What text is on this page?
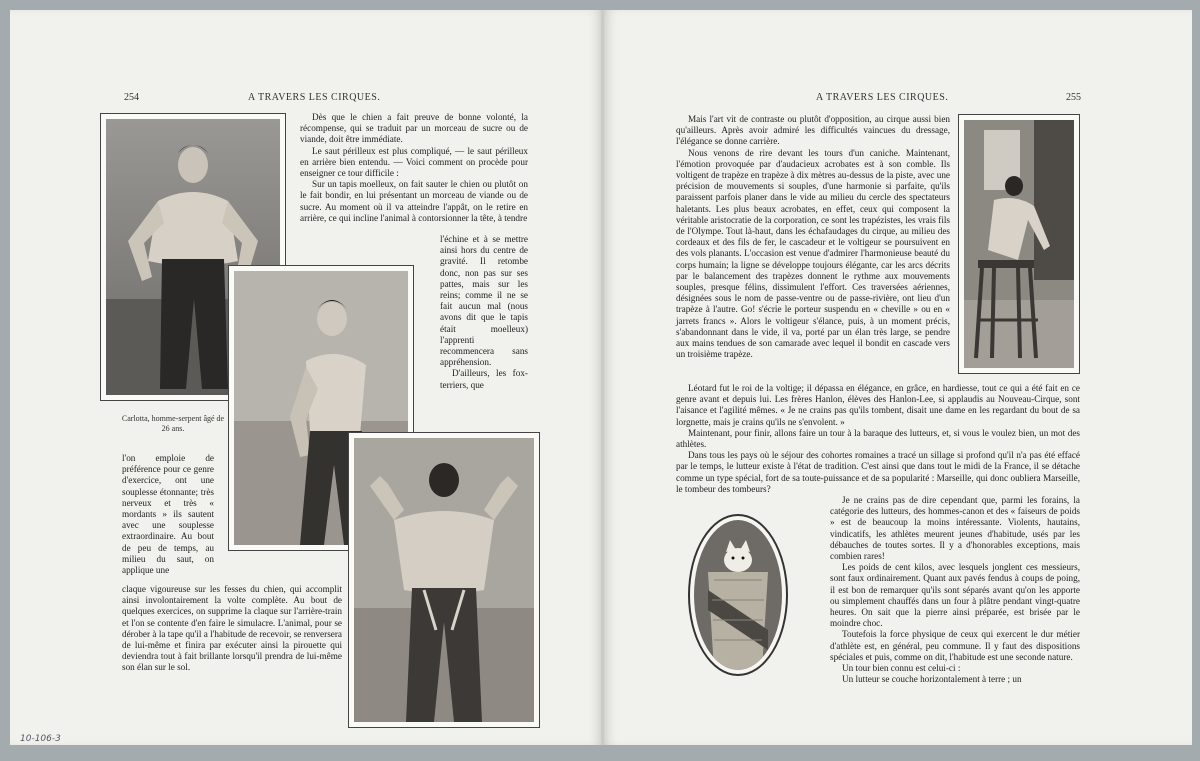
254	A TRAVERS LES CIRQUES.
Carlotta, homme-serpent âgé de 26 ans.

Dès que le chien a fait preuve de bonne volonté, la récompense, qui se traduit par un morceau de sucre ou de viande, doit être immédiate.

Le saut périlleux est plus compliqué, — le saut périlleux en arrière bien entendu. — Voici comment on procède pour enseigner ce tour difficile :

Sur un tapis moelleux, on fait sauter le chien ou plutôt on le fait bondir, en lui présentant un morceau de viande ou de sucre. Au moment où il va atteindre l'appât, on le retire en arrière, ce qui incline l'animal à contorsionner la tête, à tendre

l'échine et à se mettre ainsi hors du centre de gravité. Il retombe donc, non pas sur ses pattes, mais sur les reins; comme il ne se fait aucun mal (nous avons dit que le tapis était moelleux) l'apprenti recommencera sans appréhension.

D'ailleurs, les fox-terriers, que

l'on emploie de préférence pour ce genre d'exercice, ont une souplesse étonnante; très nerveux et très « mordants » ils sautent avec une souplesse extraordinaire. Au bout de peu de temps, au milieu du saut, on applique une

claque vigoureuse sur les fesses du chien, qui accomplit ainsi involontairement la volte complète. Au bout de quelques exercices, on supprime la claque sur l'arrière-train et l'on se contente d'en faire le simulacre. L'animal, pour se dérober à la tape qu'il a l'habitude de recevoir, se renversera de lui-même et finira par exécuter ainsi la pirouette qui deviendra tout à fait brillante lorsqu'il prendra de lui-même son élan sur le sol.

A TRAVERS LES CIRQUES.	255

Mais l'art vit de contraste ou plutôt d'opposition, au cirque aussi bien qu'ailleurs. Après avoir admiré les difficultés vaincues du dressage, l'élégance se donne carrière.

Nous venons de rire devant les tours d'un caniche. Maintenant, l'émotion provoquée par d'audacieux acrobates est à son comble. Ils voltigent de trapèze en trapèze à dix mètres au-dessus de la piste, avec une précision de mouvements si souples, d'une harmonie si parfaite, qu'ils paraissent parfois planer dans le vide au milieu du cercle des spectateurs haletants. Les plus beaux acrobates, en effet, ceux qui composent la véritable aristocratie de la corporation, ce sont les trapézistes, les vrais fils de l'Olympe. Tout là-haut, dans les échafaudages du cirque, au milieu des cordeaux et des fils de fer, le cascadeur et le voltigeur se poursuivent en des vols planants. L'occasion est venue d'admirer l'harmonieuse beauté du corps humain; la ligne se développe toujours élégante, car les arcs décrits par le balancement des trapèzes donnent le rythme aux mouvements souples, presque félins, dissimulent l'effort. Ces traversées aériennes, désignées sous le nom de passe-ventre ou de passe-rivière, ont lieu d'un trapèze à l'autre. Go! s'écrie le porteur suspendu en « cheville » ou en « jarrets francs ». Alors le voltigeur s'élance, puis, à un moment précis, s'abandonnant dans le vide, il va, porté par un élan très large, se pendre aux mains tendues de son camarade avec lequel il bondit en cascade vers un troisième trapèze.

Léotard fut le roi de la voltige; il dépassa en élégance, en grâce, en hardiesse, tout ce qui a été fait en ce genre avant et depuis lui. Les frères Hanlon, élèves des Hanlon-Lee, si applaudis au Nouveau-Cirque, sont l'aisance et l'agilité mêmes. « Je ne crains pas qu'ils tombent, disait une dame en les regardant du bout de sa lorgnette, mais je crains qu'ils ne s'envolent. »

Maintenant, pour finir, allons faire un tour à la baraque des lutteurs, et, si vous le voulez bien, un mot des athlètes.

Dans tous les pays où le séjour des cohortes romaines a tracé un sillage si profond qu'il n'a pas été effacé par le temps, le lutteur existe à l'état de tradition. C'est ainsi que dans tout le midi de la France, il se détache comme un type spécial, fort de sa toute-puissance et de sa popularité : Marseille, qui donc oubliera Marseille, le tombeur des tombeurs?

Je ne crains pas de dire cependant que, parmi les forains, la catégorie des lutteurs, des hommes-canon et des « faiseurs de poids » est de beaucoup la moins intéressante. Violents, hautains, vindicatifs, les athlètes meurent jeunes d'habitude, usés par les débauches de toutes sortes. Il y a d'honorables exceptions, mais combien rares!

Les poids de cent kilos, avec lesquels jonglent ces messieurs, sont faux ordinairement. Quant aux pavés fendus à coups de poing, il est bon de remarquer qu'ils sont séparés avant qu'on les apporte ou simplement chauffés dans un four à plâtre pendant vingt-quatre heures. On sait que la pierre ainsi préparée, est brisée par le moindre choc.

Toutefois la force physique de ceux qui exercent le dur métier d'athlète est, en général, peu commune. Il y faut des dispositions spéciales et puis, comme on dit, l'habitude est une seconde nature.

Un tour bien connu est celui-ci :

Un lutteur se couche horizontalement à terre ; un

10-106-3
